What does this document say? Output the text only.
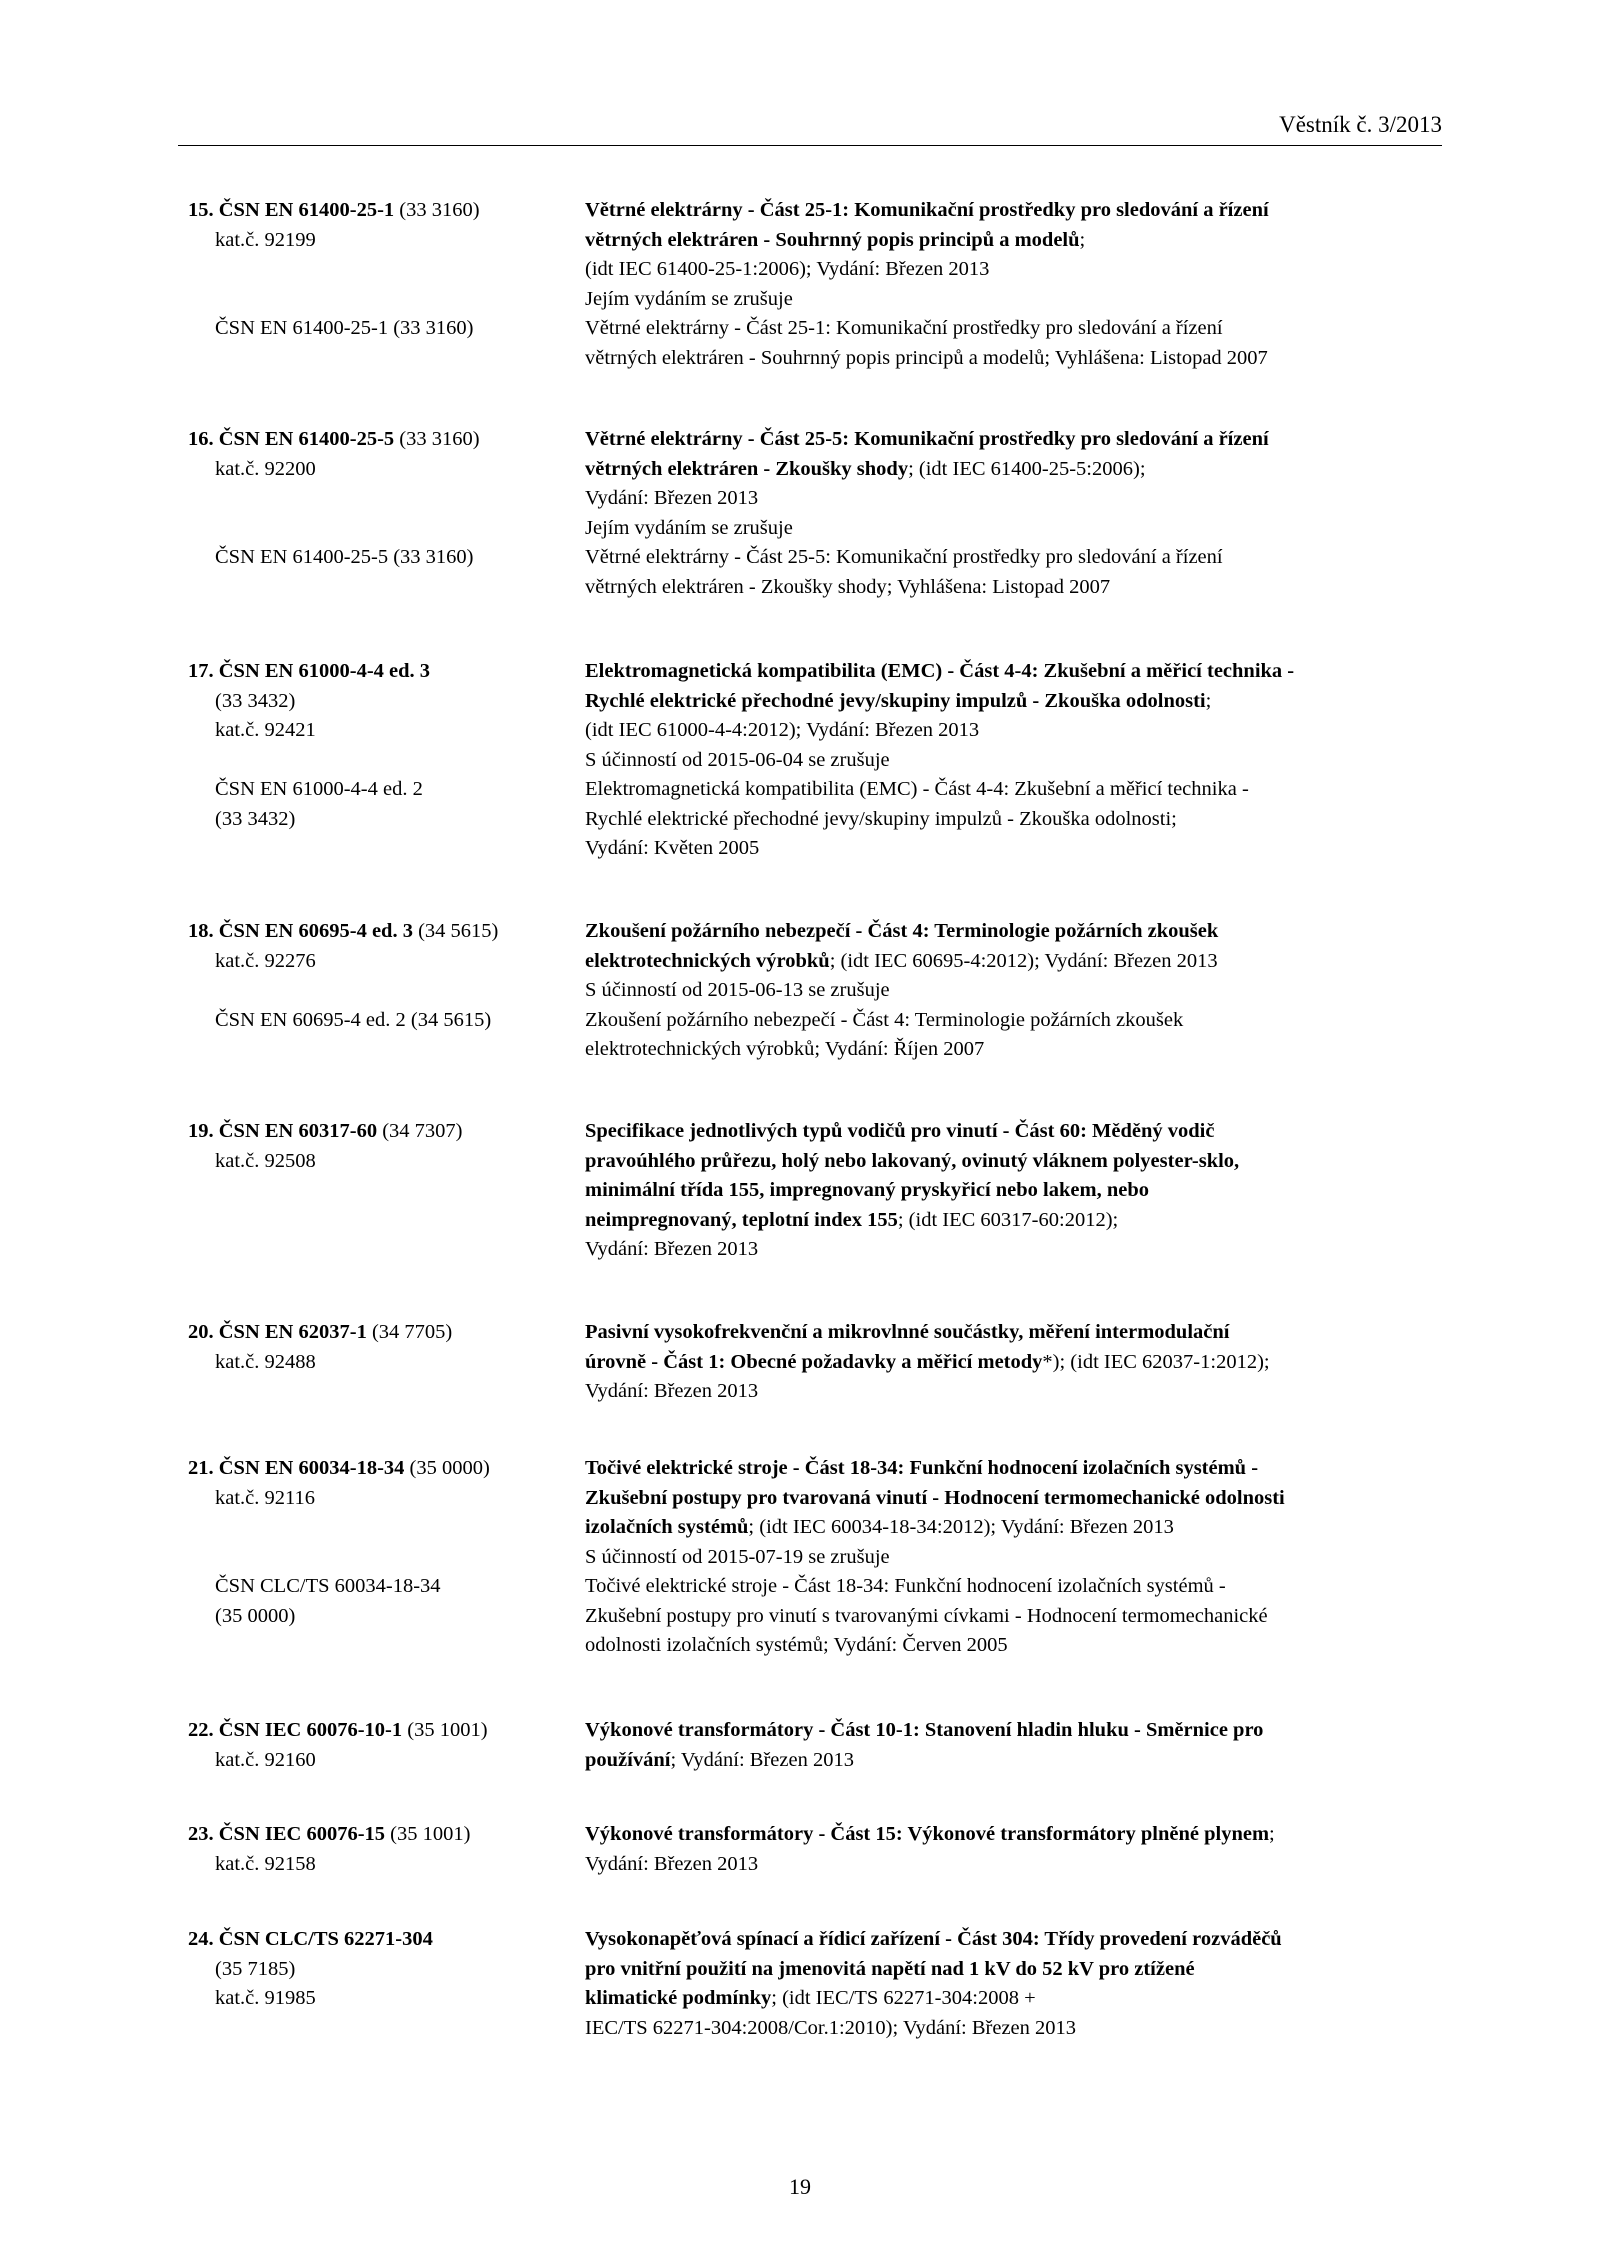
Věstník č. 3/2013
15. ČSN EN 61400-25-1 (33 3160)
kat.č. 92199
ČSN EN 61400-25-1 (33 3160)
Větrné elektrárny - Část 25-1: Komunikační prostředky pro sledování a řízení
větrných elektráren - Souhrnný popis principů a modelů;
(idt IEC 61400-25-1:2006); Vydání: Březen 2013
Jejím vydáním se zrušuje
Větrné elektrárny - Část 25-1: Komunikační prostředky pro sledování a řízení
větrných elektráren - Souhrnný popis principů a modelů; Vyhlášena: Listopad 2007
16. ČSN EN 61400-25-5 (33 3160)
kat.č. 92200
ČSN EN 61400-25-5 (33 3160)
Větrné elektrárny - Část 25-5: Komunikační prostředky pro sledování a řízení
větrných elektráren - Zkoušky shody; (idt IEC 61400-25-5:2006);
Vydání: Březen 2013
Jejím vydáním se zrušuje
Větrné elektrárny - Část 25-5: Komunikační prostředky pro sledování a řízení
větrných elektráren - Zkoušky shody; Vyhlášena: Listopad 2007
17. ČSN EN 61000-4-4 ed. 3
(33 3432)
kat.č. 92421
ČSN EN 61000-4-4 ed. 2
(33 3432)
Elektromagnetická kompatibilita (EMC) - Část 4-4: Zkušební a měřicí technika -
Rychlé elektrické přechodné jevy/skupiny impulzů - Zkouška odolnosti;
(idt IEC 61000-4-4:2012); Vydání: Březen 2013
S účinností od 2015-06-04 se zrušuje
Elektromagnetická kompatibilita (EMC) - Část 4-4: Zkušební a měřicí technika -
Rychlé elektrické přechodné jevy/skupiny impulzů - Zkouška odolnosti;
Vydání: Květen 2005
18. ČSN EN 60695-4 ed. 3 (34 5615)
kat.č. 92276
ČSN EN 60695-4 ed. 2 (34 5615)
Zkoušení požárního nebezpečí - Část 4: Terminologie požárních zkoušek
elektrotechnických výrobků; (idt IEC 60695-4:2012); Vydání: Březen 2013
S účinností od 2015-06-13 se zrušuje
Zkoušení požárního nebezpečí - Část 4: Terminologie požárních zkoušek
elektrotechnických výrobků; Vydání: Říjen 2007
19. ČSN EN 60317-60 (34 7307)
kat.č. 92508
Specifikace jednotlivých typů vodičů pro vinutí - Část 60: Měděný vodič
pravoúhlého průřezu, holý nebo lakovaný, ovinutý vláknem polyester-sklo,
minimální třída 155, impregnovaný pryskyřicí nebo lakem, nebo
neimpregnovaný, teplotní index 155; (idt IEC 60317-60:2012);
Vydání: Březen 2013
20. ČSN EN 62037-1 (34 7705)
kat.č. 92488
Pasivní vysokofrekvenční a mikrovlnné součástky, měření intermodulační
úrovně - Část 1: Obecné požadavky a měřicí metody*); (idt IEC 62037-1:2012);
Vydání: Březen 2013
21. ČSN EN 60034-18-34 (35 0000)
kat.č. 92116
ČSN CLC/TS 60034-18-34
(35 0000)
Točivé elektrické stroje - Část 18-34: Funkční hodnocení izolačních systémů -
Zkušební postupy pro tvarovaná vinutí - Hodnocení termomechanické odolnosti
izolačních systémů; (idt IEC 60034-18-34:2012); Vydání: Březen 2013
S účinností od 2015-07-19 se zrušuje
Točivé elektrické stroje - Část 18-34: Funkční hodnocení izolačních systémů -
Zkušební postupy pro vinutí s tvarovanými cívkami - Hodnocení termomechanické
odolnosti izolačních systémů; Vydání: Červen 2005
22. ČSN IEC 60076-10-1 (35 1001)
kat.č. 92160
Výkonové transformátory - Část 10-1: Stanovení hladin hluku - Směrnice pro
používání; Vydání: Březen 2013
23. ČSN IEC 60076-15 (35 1001)
kat.č. 92158
Výkonové transformátory - Část 15: Výkonové transformátory plněné plynem;
Vydání: Březen 2013
24. ČSN CLC/TS 62271-304
(35 7185)
kat.č. 91985
Vysokonapěťová spínací a řídicí zařízení - Část 304: Třídy provedení rozváděčů
pro vnitřní použití na jmenovitá napětí nad 1 kV do 52 kV pro ztížené
klimatické podmínky; (idt IEC/TS 62271-304:2008 +
IEC/TS 62271-304:2008/Cor.1:2010); Vydání: Březen 2013
19
